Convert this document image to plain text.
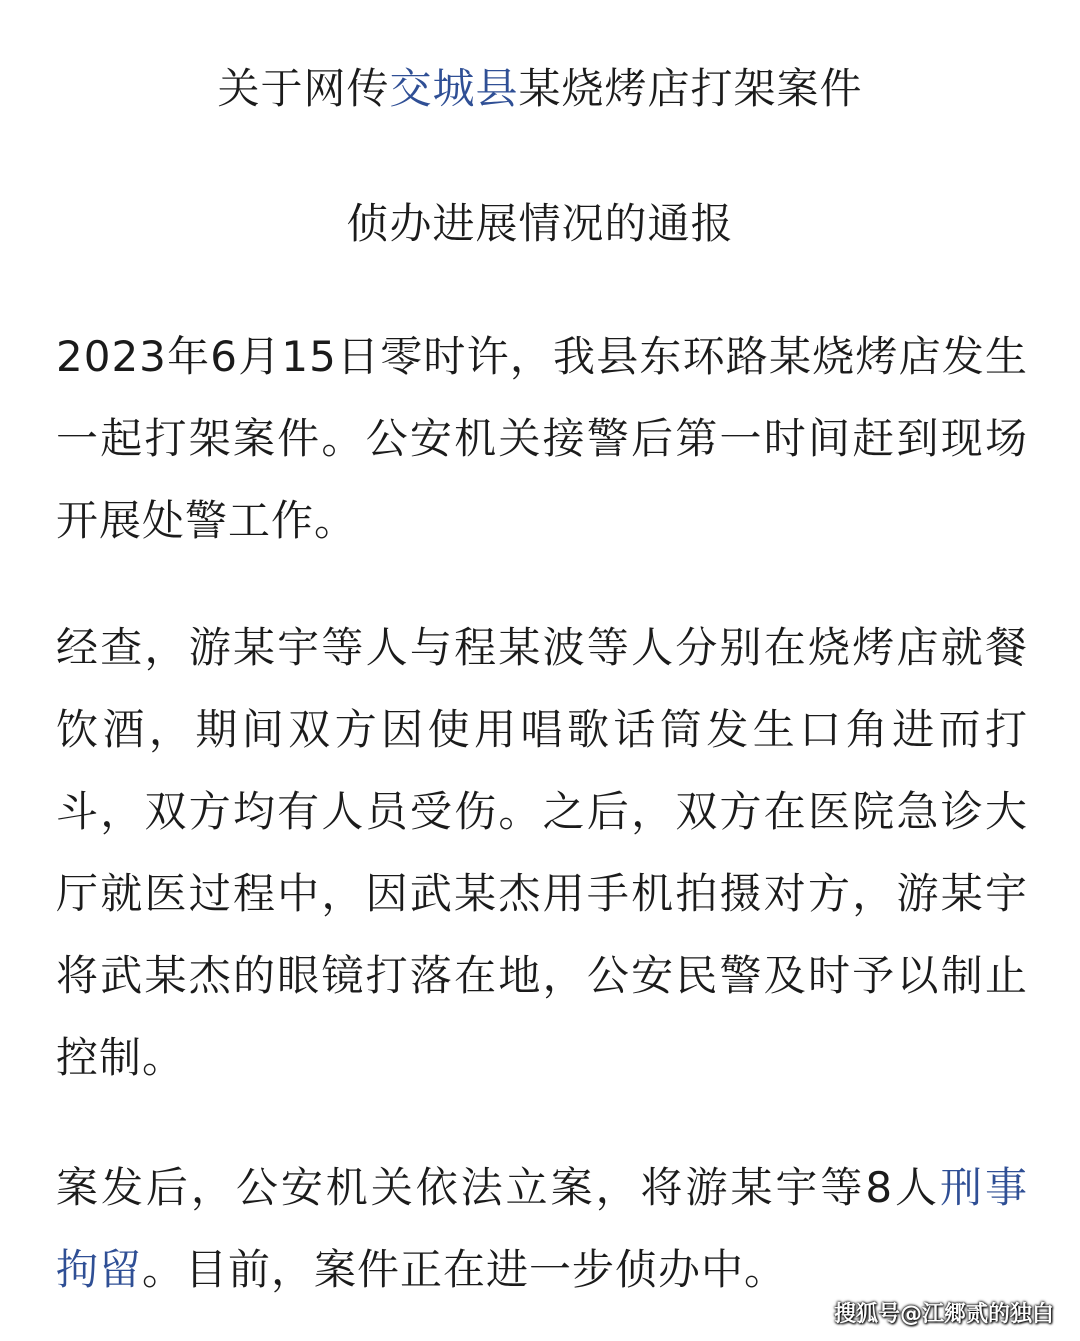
关于网传交城县某烧烤店打架案件
侦办进展情况的通报

2023年6月15日零时许，我县东环路某烧烤店发生一起打架案件。公安机关接警后第一时间赶到现场开展处警工作。

经查，游某宇等人与程某波等人分别在烧烤店就餐饮酒，期间双方因使用唱歌话筒发生口角进而打斗，双方均有人员受伤。之后，双方在医院急诊大厅就医过程中，因武某杰用手机拍摄对方，游某宇将武某杰的眼镜打落在地，公安民警及时予以制止控制。

案发后，公安机关依法立案，将游某宇等8人刑事拘留。目前，案件正在进一步侦办中。

搜狐号@江郷贰的独白
